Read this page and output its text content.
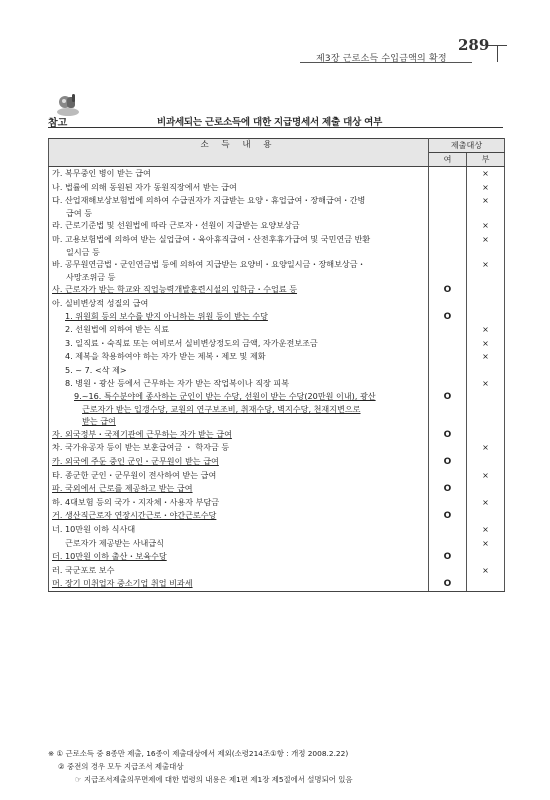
289
제3장 근로소득 수입금액의 확정
참고	비과세되는 근로소득에 대한 지급명세서 제출 대상 여부
소 득 내 용	제출대상	
	여	부

가. 복무중인 병이 받는 급여		×

나. 법률에 의해 동원된 자가 동원직장에서 받는 급여		×

다. 산업재해보상보험법에 의하여 수급권자가 지급받는 요양・휴업급여・장해급여・간병
급여 등		×

라. 근로기준법 및 선원법에 따라 근로자・선원이 지급받는 요양보상금		×

마. 고용보험법에 의하여 받는 실업급여・육아휴직급여・산전후휴가급여 및 국민연금 반환
일시금 등		×

바. 공무원연금법・군인연금법 등에 의하여 지급받는 요양비・요양일시금・장해보상금・
사망조위금 등		×

사. 근로자가 받는 학교와 직업능력개발훈련시설의 입학금・수업료 등	O	

아. 실비변상적 성질의 급여		

1. 위원회 등의 보수를 받지 아니하는 위원 등이 받는 수당	O	

2. 선원법에 의하여 받는 식료		×

3. 일직료・숙직료 또는 여비로서 실비변상정도의 금액, 자가운전보조금		×

4. 제복을 착용하여야 하는 자가 받는 제복・제모 및 제화		×

5. ~ 7. <삭 제>		

8. 병원・광산 등에서 근무하는 자가 받는 작업복이나 직장 피복		×

9.~16. 특수분야에 종사하는 군인이 받는 수당, 선원이 받는 수당(20만원 이내), 광산
근로자가 받는 입갱수당, 교원의 연구보조비, 취재수당, 벽지수당, 천재지변으로
받는 급여	O	

자. 외국정부・국제기관에 근무하는 자가 받는 급여	O	

차. 국가유공자 등이 받는 보훈급여금 ・ 학자금 등		×

카. 외국에 주둔 중인 군인・군무원이 받는 급여	O	

타. 종군한 군인・군무원이 전사하여 받는 급여		×

파. 국외에서 근로를 제공하고 받는 급여	O	

하. 4대보험 등의 국가・지자체・사용자 부담금		×

거. 생산직근로자 연장시간근로・야간근로수당	O	

너. 10만원 이하 식사대		×

근로자가 제공받는 사내급식		×

더. 10만원 이하 출산・보육수당	O	

러. 국군포로 보수		×

머. 장기 미취업자 중소기업 취업 비과세	O	
※ ① 근로소득 중 8종만 제출, 16종이 제출대상에서 제외(소령214조①항 : 개정 2008.2.22)
② 중전의 경우 모두 지급조서 제출대상
☞ 지급조서제출의무면제에 대한 법령의 내용은 제1편 제1장 제5절에서 설명되어 있음
